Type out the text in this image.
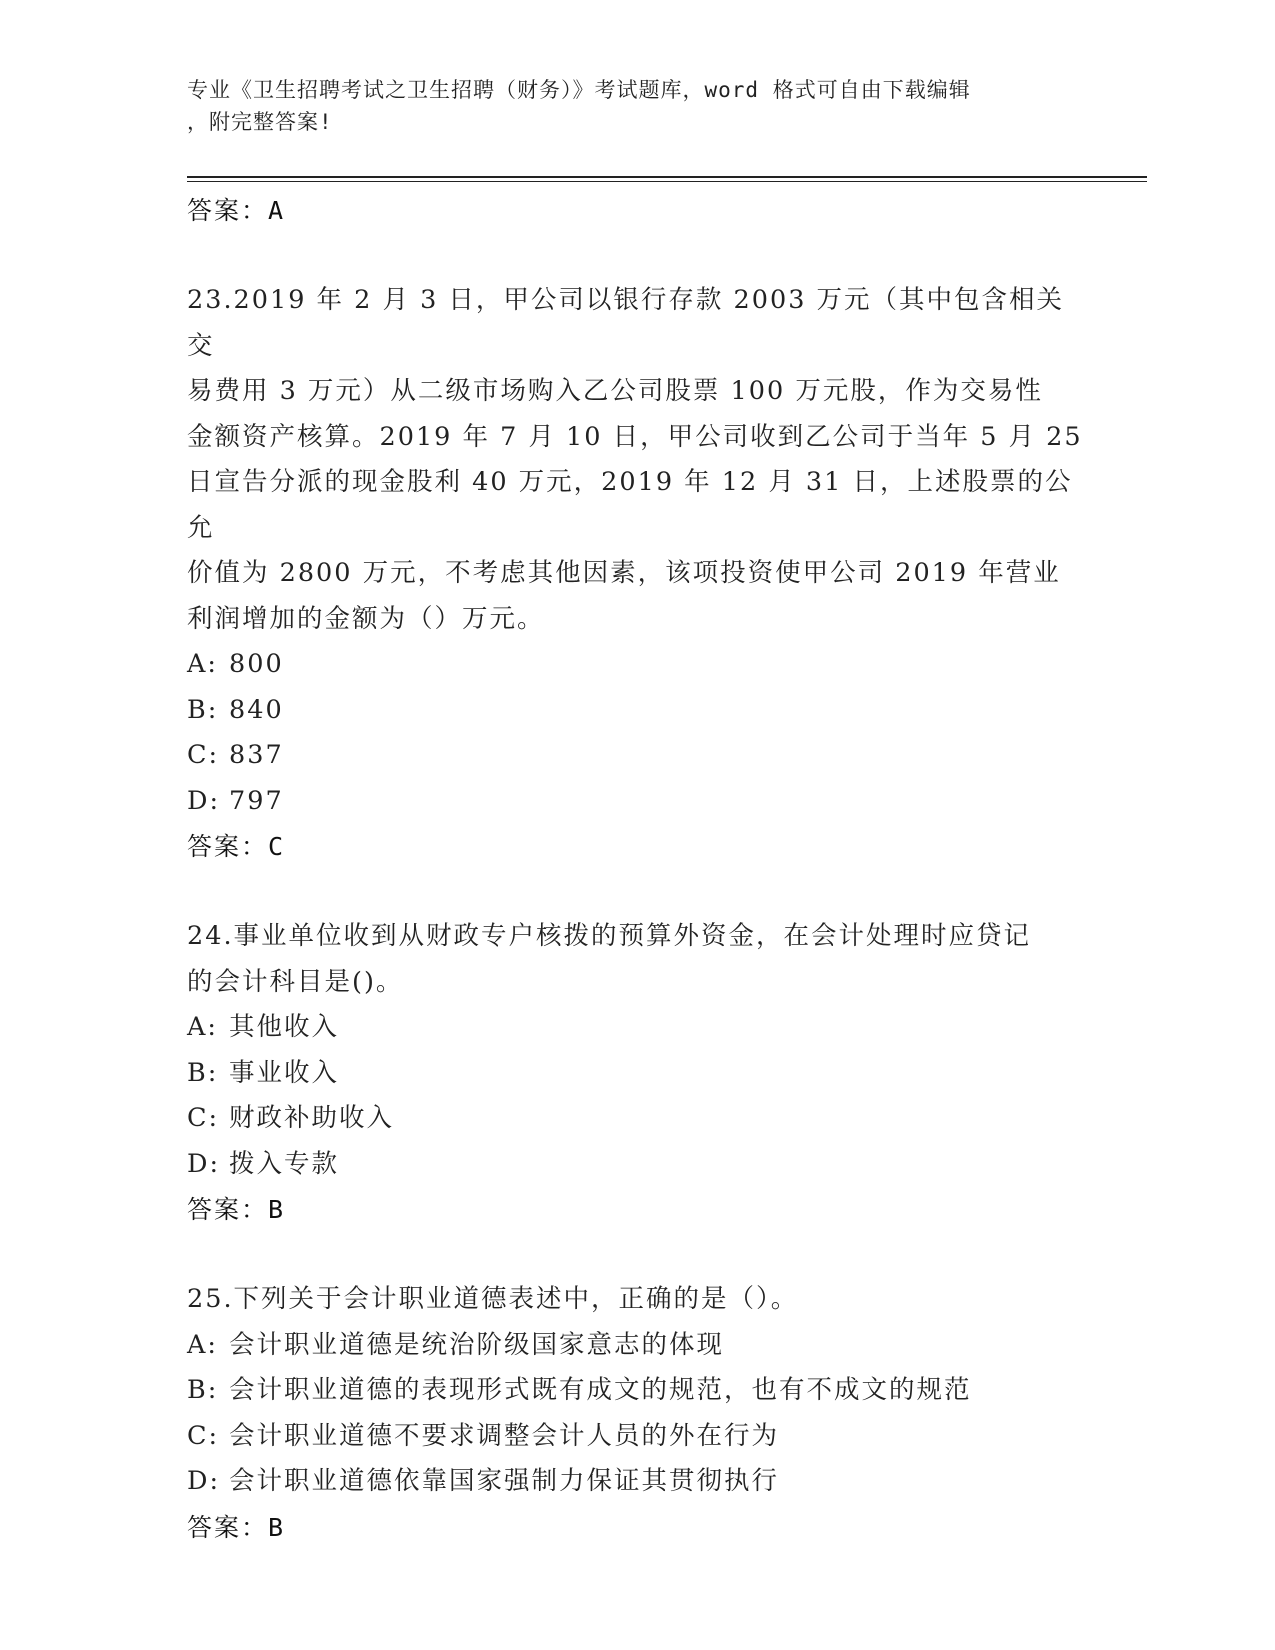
专业《卫生招聘考试之卫生招聘（财务）》考试题库，word 格式可自由下载编辑
，附完整答案!
答案：A
23.2019 年 2 月 3 日，甲公司以银行存款 2003 万元（其中包含相关交
易费用 3 万元）从二级市场购入乙公司股票 100 万元股，作为交易性
金额资产核算。2019 年 7 月 10 日，甲公司收到乙公司于当年 5 月 25
日宣告分派的现金股利 40 万元，2019 年 12 月 31 日，上述股票的公允
价值为 2800 万元，不考虑其他因素，该项投资使甲公司 2019 年营业
利润增加的金额为（）万元。
A: 800
B: 840
C: 837
D: 797
答案：C
24.事业单位收到从财政专户核拨的预算外资金，在会计处理时应贷记
的会计科目是()。
A: 其他收入
B: 事业收入
C: 财政补助收入
D: 拨入专款
答案：B
25.下列关于会计职业道德表述中，正确的是（）。
A: 会计职业道德是统治阶级国家意志的体现
B: 会计职业道德的表现形式既有成文的规范，也有不成文的规范
C: 会计职业道德不要求调整会计人员的外在行为
D: 会计职业道德依靠国家强制力保证其贯彻执行
答案：B
